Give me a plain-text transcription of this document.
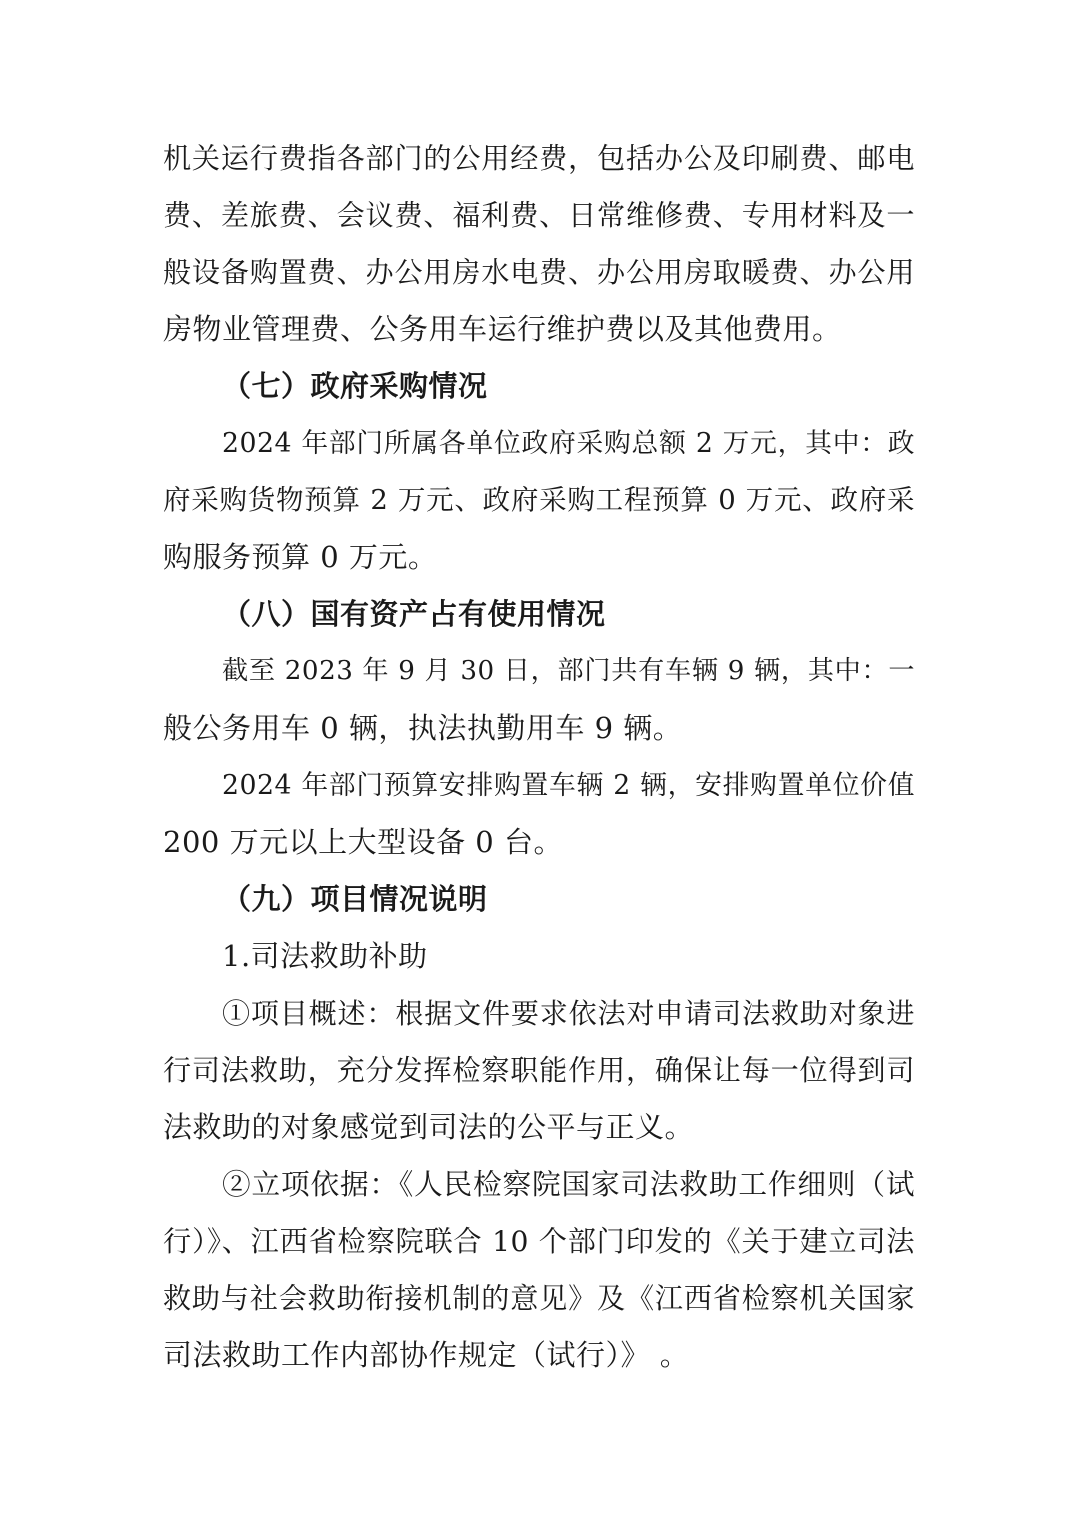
机关运行费指各部门的公用经费，包括办公及印刷费、邮电
费、差旅费、会议费、福利费、日常维修费、专用材料及一
般设备购置费、办公用房水电费、办公用房取暖费、办公用
房物业管理费、公务用车运行维护费以及其他费用。
（七）政府采购情况
2024 年部门所属各单位政府采购总额 2 万元，其中：政
府采购货物预算 2 万元、政府采购工程预算 0 万元、政府采
购服务预算 0 万元。
（八）国有资产占有使用情况
截至 2023 年 9 月 30 日，部门共有车辆 9 辆，其中：一
般公务用车 0 辆，执法执勤用车 9 辆。
2024 年部门预算安排购置车辆 2 辆，安排购置单位价值
200 万元以上大型设备 0 台。
（九）项目情况说明
1.司法救助补助
①项目概述：根据文件要求依法对申请司法救助对象进
行司法救助，充分发挥检察职能作用，确保让每一位得到司
法救助的对象感觉到司法的公平与正义。
②立项依据：《人民检察院国家司法救助工作细则（试
行）》、江西省检察院联合 10 个部门印发的《关于建立司法
救助与社会救助衔接机制的意见》及《江西省检察机关国家
司法救助工作内部协作规定（试行）》 。
